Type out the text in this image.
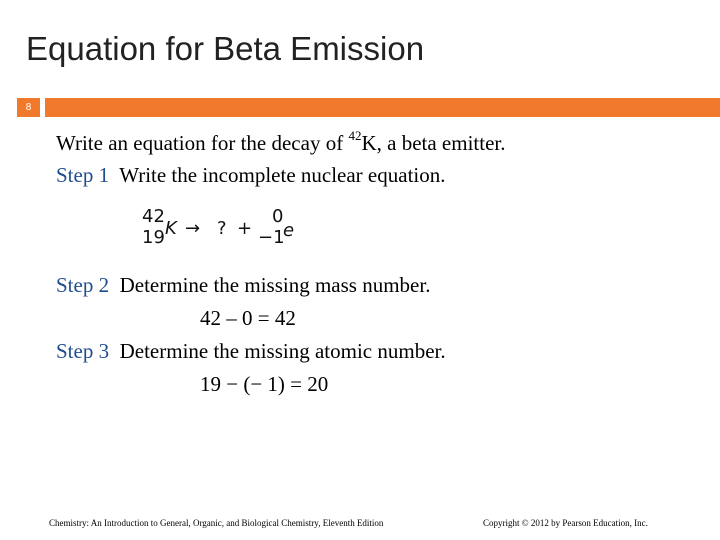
Equation for Beta Emission
8
Write an equation for the decay of $^{42}$K, a beta emitter.
Step 1 Write the incomplete nuclear equation.
42
19 K → ? +
0
−1
e
Step 2 Determine the missing mass number.
42 – 0 = 42
Step 3 Determine the missing atomic number.
19 − (− 1) = 20
Chemistry: An Introduction to General, Organic, and Biological Chemistry, Eleventh Edition	Copyright © 2012 by Pearson Education, Inc.
